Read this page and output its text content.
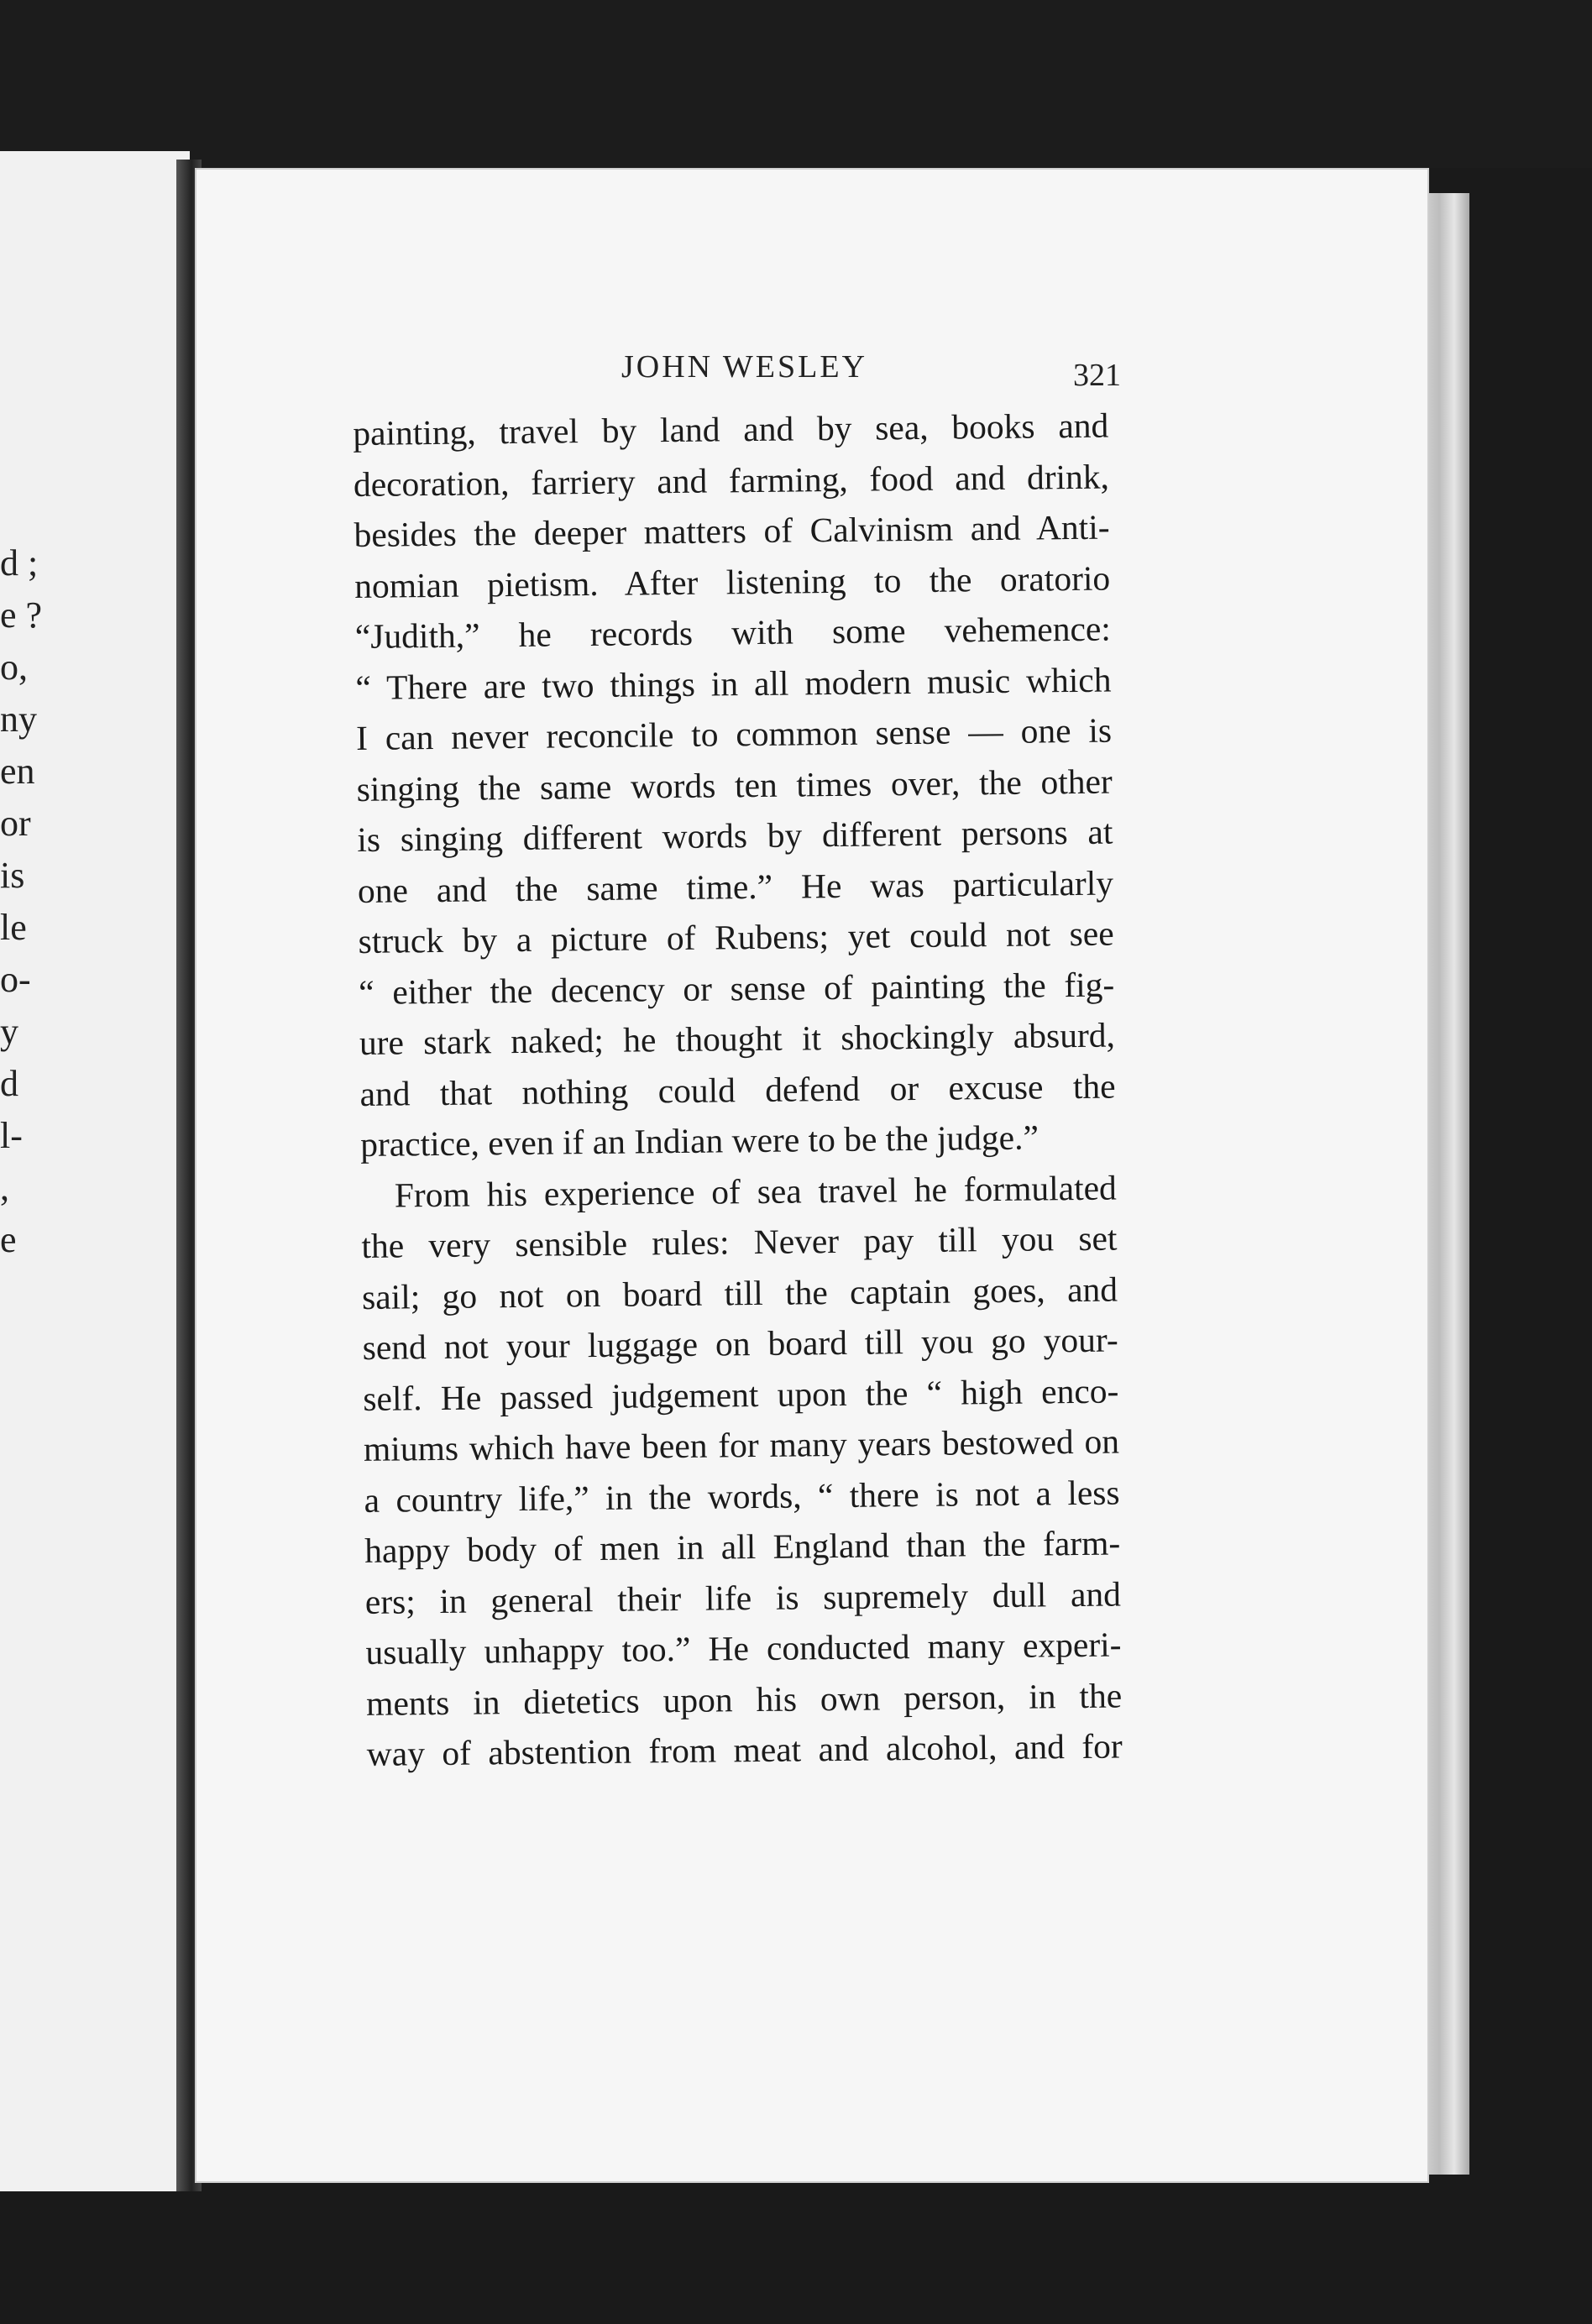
d ;
e ?
o,
ny
en
or
is
le
o-
y
d
l-
,
e
JOHN WESLEY	321
painting, travel by land and by sea, books and
decoration, farriery and farming, food and drink,
besides the deeper matters of Calvinism and Anti-
nomian pietism. After listening to the oratorio
“Judith,” he records with some vehemence:
“ There are two things in all modern music which
I can never reconcile to common sense — one is
singing the same words ten times over, the other
is singing different words by different persons at
one and the same time.” He was particularly
struck by a picture of Rubens; yet could not see
“ either the decency or sense of painting the fig-
ure stark naked; he thought it shockingly absurd,
and that nothing could defend or excuse the
practice, even if an Indian were to be the judge.”
From his experience of sea travel he formulated
the very sensible rules: Never pay till you set
sail; go not on board till the captain goes, and
send not your luggage on board till you go your-
self. He passed judgement upon the “ high enco-
miums which have been for many years bestowed on
a country life,” in the words, “ there is not a less
happy body of men in all England than the farm-
ers; in general their life is supremely dull and
usually unhappy too.” He conducted many experi-
ments in dietetics upon his own person, in the
way of abstention from meat and alcohol, and for
